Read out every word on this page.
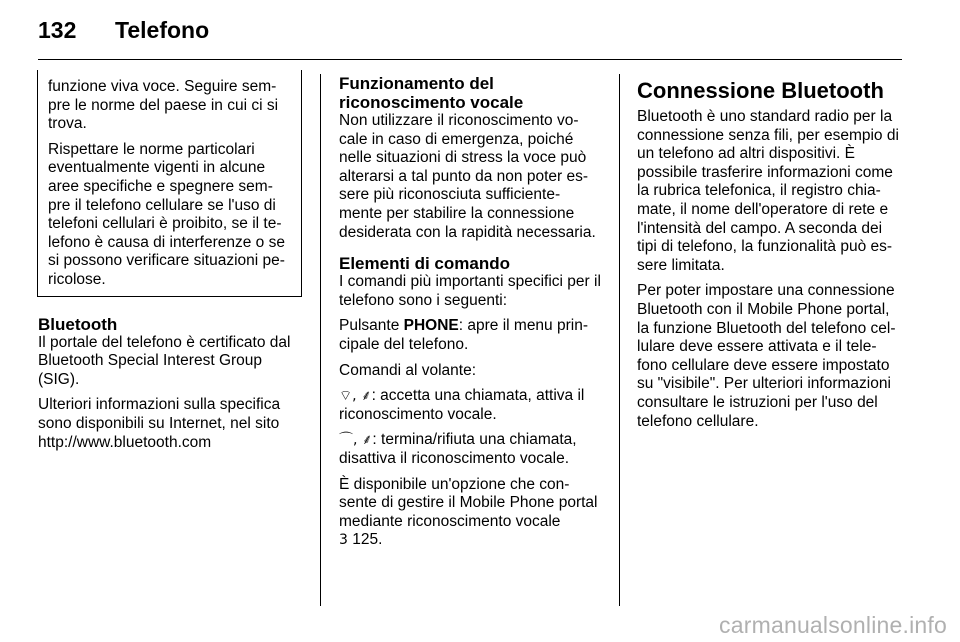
132 Telefono

funzione viva voce. Seguire sem-pre le norme del paese in cui ci si trova.

Rispettare le norme particolari eventualmente vigenti in alcune aree specifiche e spegnere sem-pre il telefono cellulare se l'uso di telefoni cellulari è proibito, se il te-lefono è causa di interferenze o se si possono verificare situazioni pe-ricolose.

Bluetooth

Il portale del telefono è certificato dal Bluetooth Special Interest Group (SIG).

Ulteriori informazioni sulla specifica sono disponibili su Internet, nel sito http://www.bluetooth.com

Funzionamento del riconoscimento vocale

Non utilizzare il riconoscimento vo-cale in caso di emergenza, poiché nelle situazioni di stress la voce può alterarsi a tal punto da non poter es-sere più riconosciuta sufficiente-mente per stabilire la connessione desiderata con la rapidità necessaria.

Elementi di comando

I comandi più importanti specifici per il telefono sono i seguenti:

Pulsante PHONE: apre il menu prin-cipale del telefono.

Comandi al volante:

⌔, ⸙: accetta una chiamata, attiva il riconoscimento vocale.

⌒, ⸙: termina/rifiuta una chiamata, disattiva il riconoscimento vocale.

È disponibile un'opzione che con-sente di gestire il Mobile Phone portal mediante riconoscimento vocale
3 125.

Connessione Bluetooth

Bluetooth è uno standard radio per la connessione senza fili, per esempio di un telefono ad altri dispositivi. È possibile trasferire informazioni come la rubrica telefonica, il registro chia-mate, il nome dell'operatore di rete e l'intensità del campo. A seconda dei tipi di telefono, la funzionalità può es-sere limitata.

Per poter impostare una connessione Bluetooth con il Mobile Phone portal, la funzione Bluetooth del telefono cel-lulare deve essere attivata e il tele-fono cellulare deve essere impostato su "visibile". Per ulteriori informazioni consultare le istruzioni per l'uso del telefono cellulare.

carmanualsonline.info
